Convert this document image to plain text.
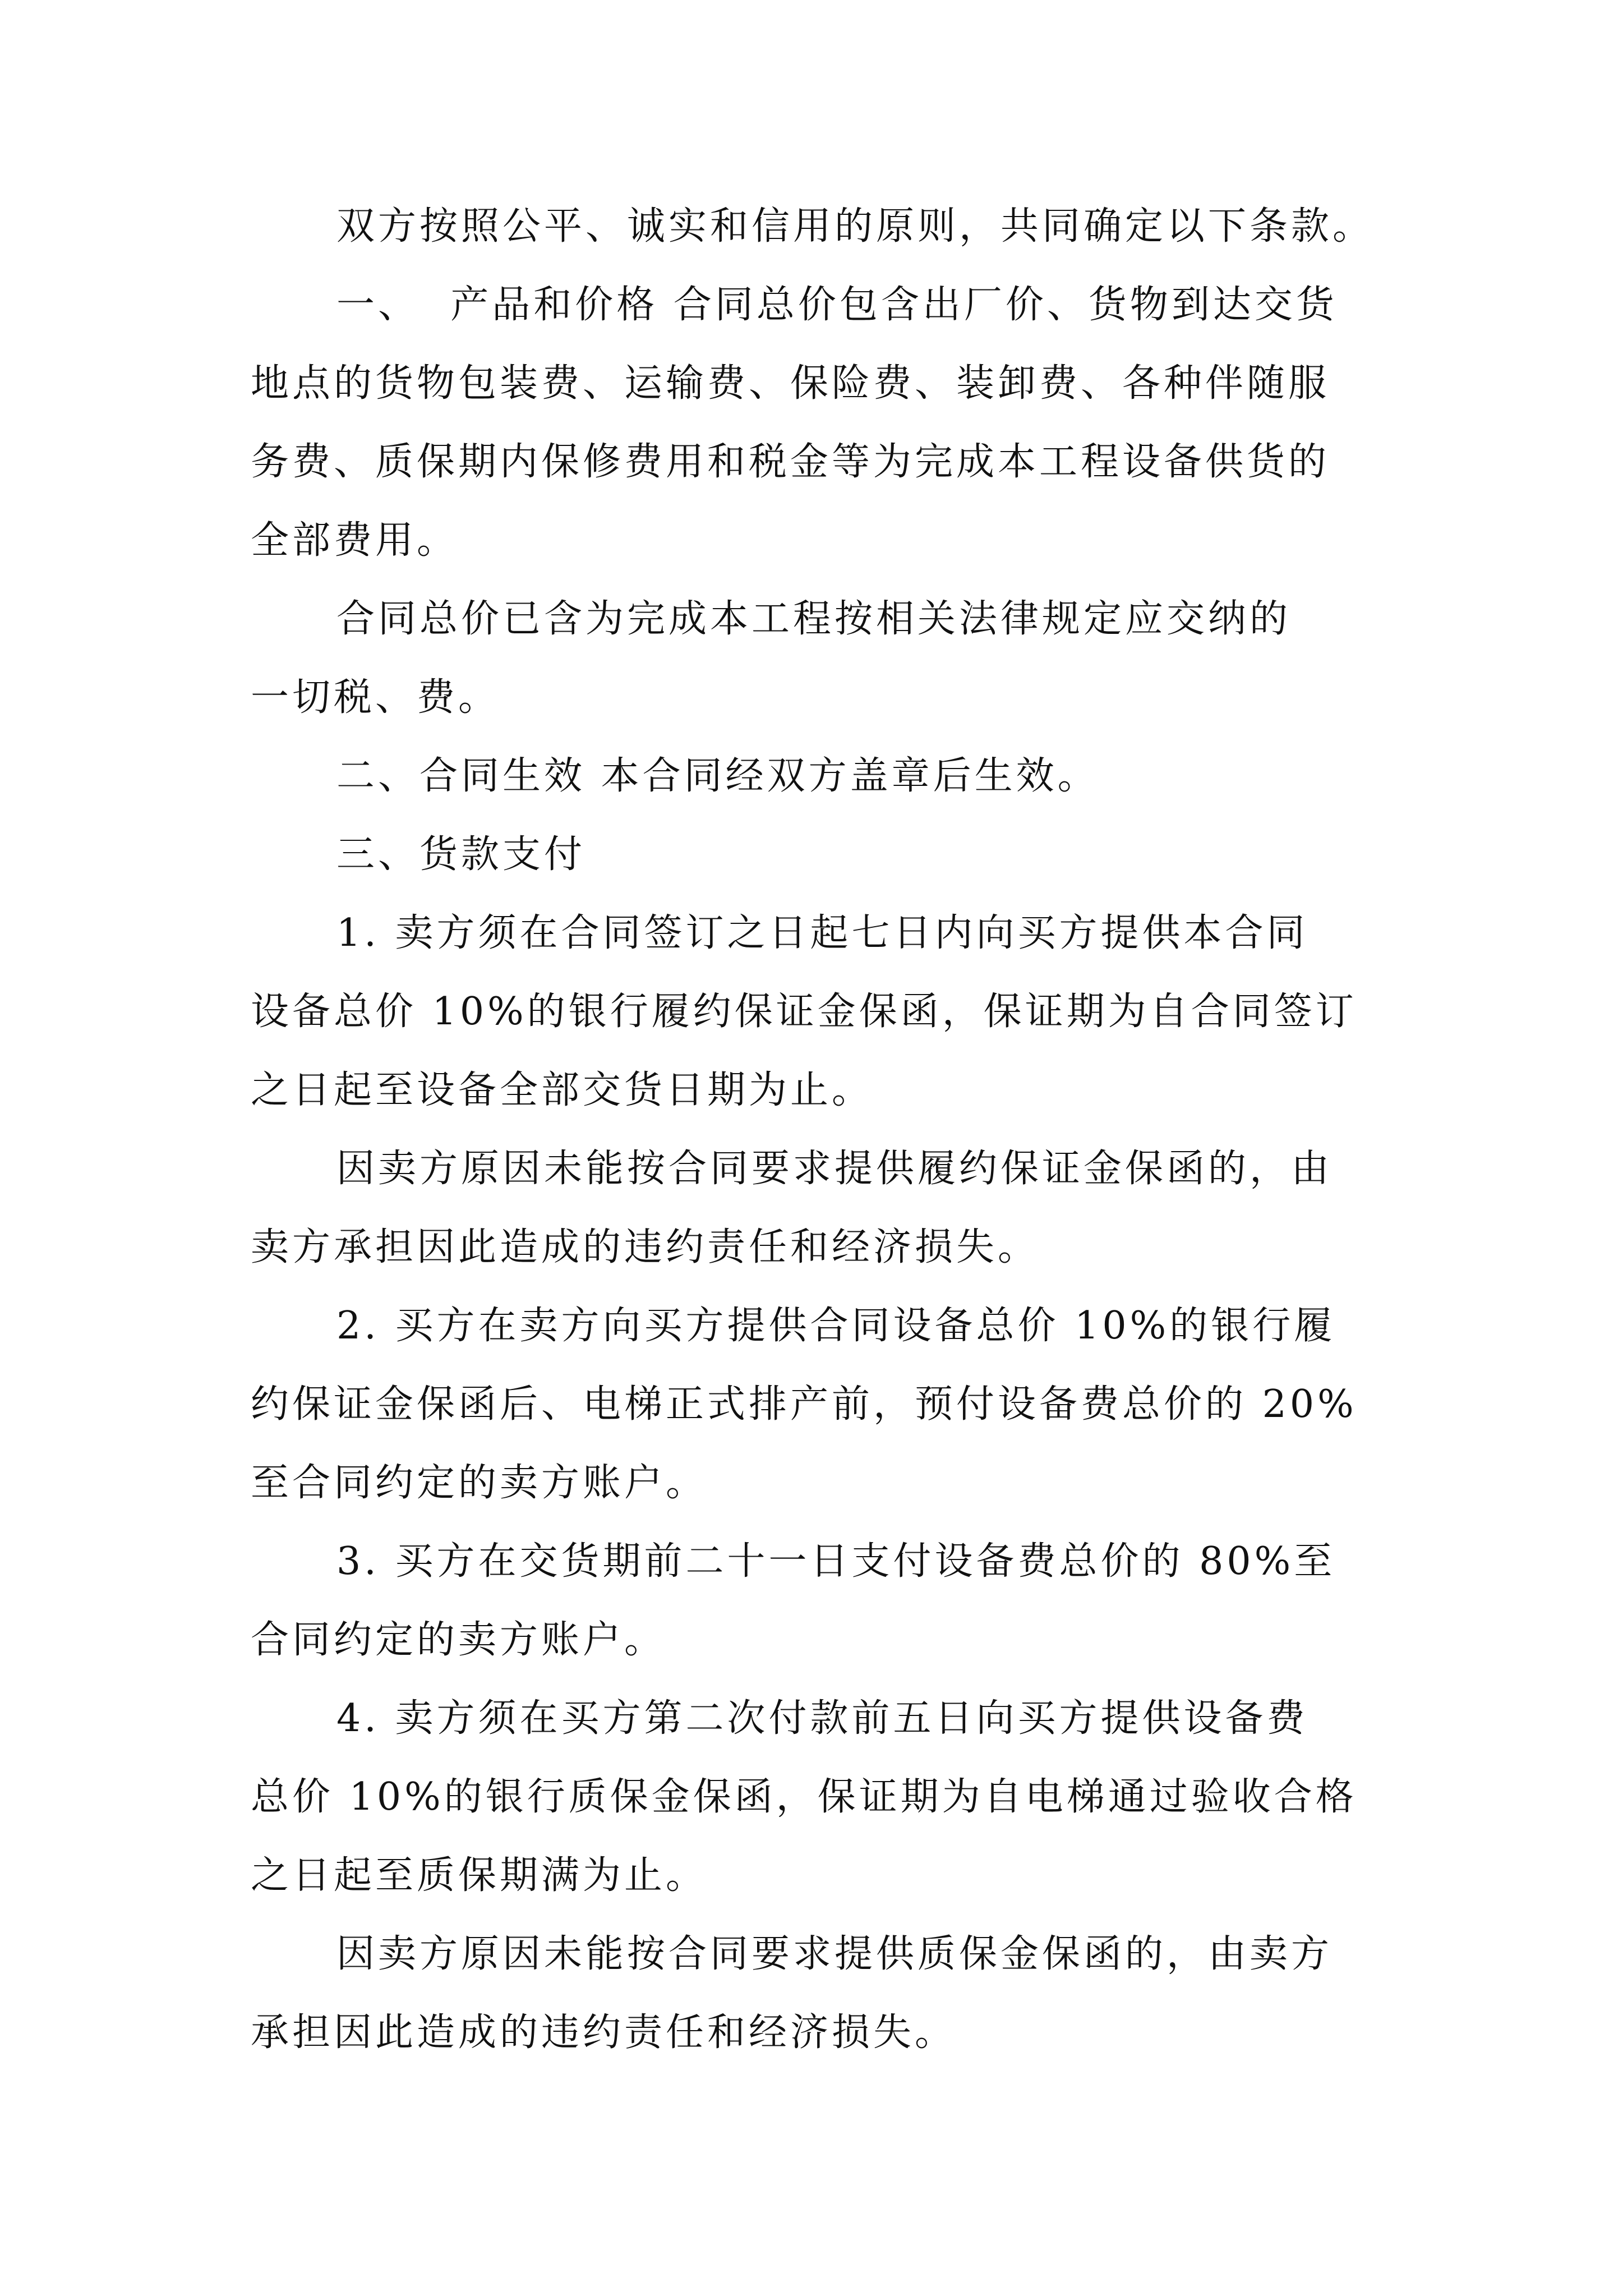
双方按照公平、诚实和信用的原则，共同确定以下条款。
一、  产品和价格 合同总价包含出厂价、货物到达交货
地点的货物包装费、运输费、保险费、装卸费、各种伴随服
务费、质保期内保修费用和税金等为完成本工程设备供货的
全部费用。
合同总价已含为完成本工程按相关法律规定应交纳的
一切税、费。
二、合同生效 本合同经双方盖章后生效。
三、货款支付
1. 卖方须在合同签订之日起七日内向买方提供本合同
设备总价 10%的银行履约保证金保函，保证期为自合同签订
之日起至设备全部交货日期为止。
因卖方原因未能按合同要求提供履约保证金保函的，由
卖方承担因此造成的违约责任和经济损失。
2. 买方在卖方向买方提供合同设备总价 10%的银行履
约保证金保函后、电梯正式排产前，预付设备费总价的 20%
至合同约定的卖方账户。
3. 买方在交货期前二十一日支付设备费总价的 80%至
合同约定的卖方账户。
4. 卖方须在买方第二次付款前五日向买方提供设备费
总价 10%的银行质保金保函，保证期为自电梯通过验收合格
之日起至质保期满为止。
因卖方原因未能按合同要求提供质保金保函的，由卖方
承担因此造成的违约责任和经济损失。
